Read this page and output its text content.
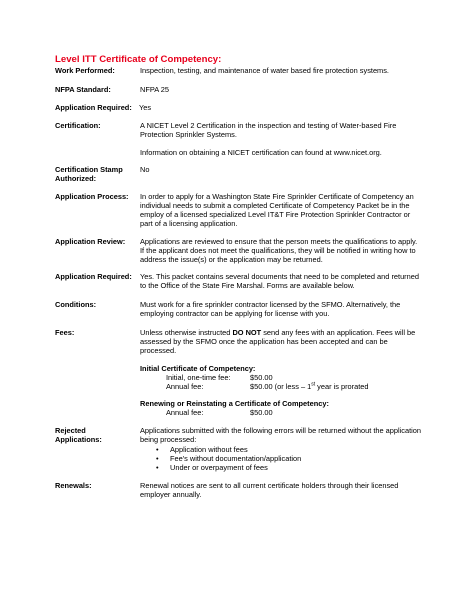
Level ITT Certificate of Competency:
Work Performed:	Inspection, testing, and maintenance of water based fire protection systems.
NFPA Standard:	NFPA 25
Application Required: Yes
Certification:	A NICET Level 2 Certification in the inspection and testing of Water-based Fire Protection Sprinkler Systems.

Information on obtaining a NICET certification can found at www.nicet.org.

Certification Stamp
Authorized:
No
Application Process: In order to apply for a Washington State Fire Sprinkler Certificate of Competency an individual needs to submit a completed Certificate of Competency Packet be in the employ of a licensed specialized Level IT&T Fire Protection Sprinkler Contractor or part of a licensing application.
Application Review: Applications are reviewed to ensure that the person meets the qualifications to apply. If the applicant does not meet the qualifications, they will be notified in writing how to address the issue(s) or the application may be returned.
Application Required: Yes. This packet contains several documents that need to be completed and returned to the Office of the State Fire Marshal. Forms are available below.
Conditions:	Must work for a fire sprinkler contractor licensed by the SFMO. Alternatively, the employing contractor can be applying for license with you.
Fees:	Unless otherwise instructed DO NOT send any fees with an application. Fees will be assessed by the SFMO once the application has been accepted and can be processed.
Initial Certificate of Competency:
Initial, one-time fee:	$50.00
Annual fee:	$50.00 (or less – 1st year is prorated
Renewing or Reinstating a Certificate of Competency:
Annual fee:	$50.00
Rejected
Applications:
Applications submitted with the following errors will be returned without the application being processed:
• Application without fees
• Fee's without documentation/application
• Under or overpayment of fees
Renewals:	Renewal notices are sent to all current certificate holders through their licensed employer annually.
